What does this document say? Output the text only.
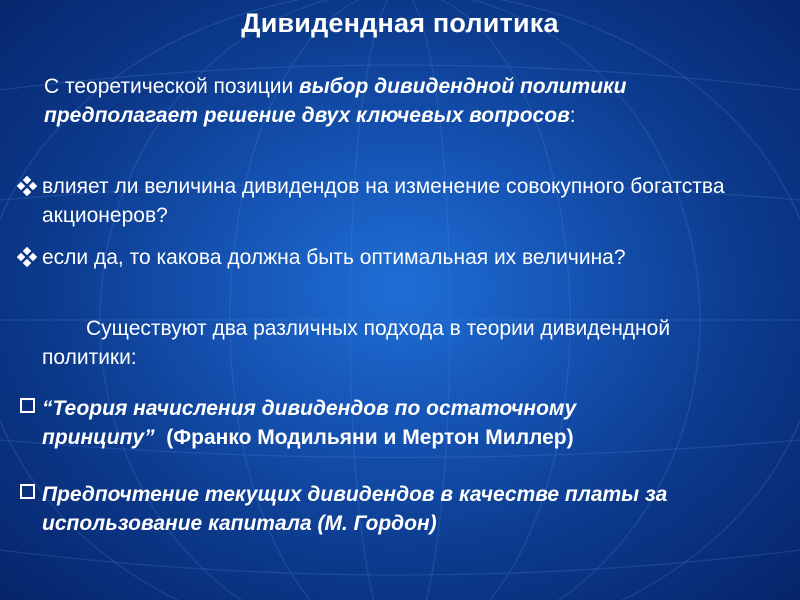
Дивидендная политика
С теоретической позиции выбор дивидендной политики предполагает решение двух ключевых вопросов:
влияет ли величина дивидендов на изменение совокупного богатства акционеров?
если да, то какова должна быть оптимальная их величина?
Существуют два различных подхода в теории дивидендной политики:
“Теория начисления дивидендов по остаточному принципу” (Франко Модильяни и Мертон Миллер)
Предпочтение текущих дивидендов в качестве платы за использование капитала (М. Гордон)
